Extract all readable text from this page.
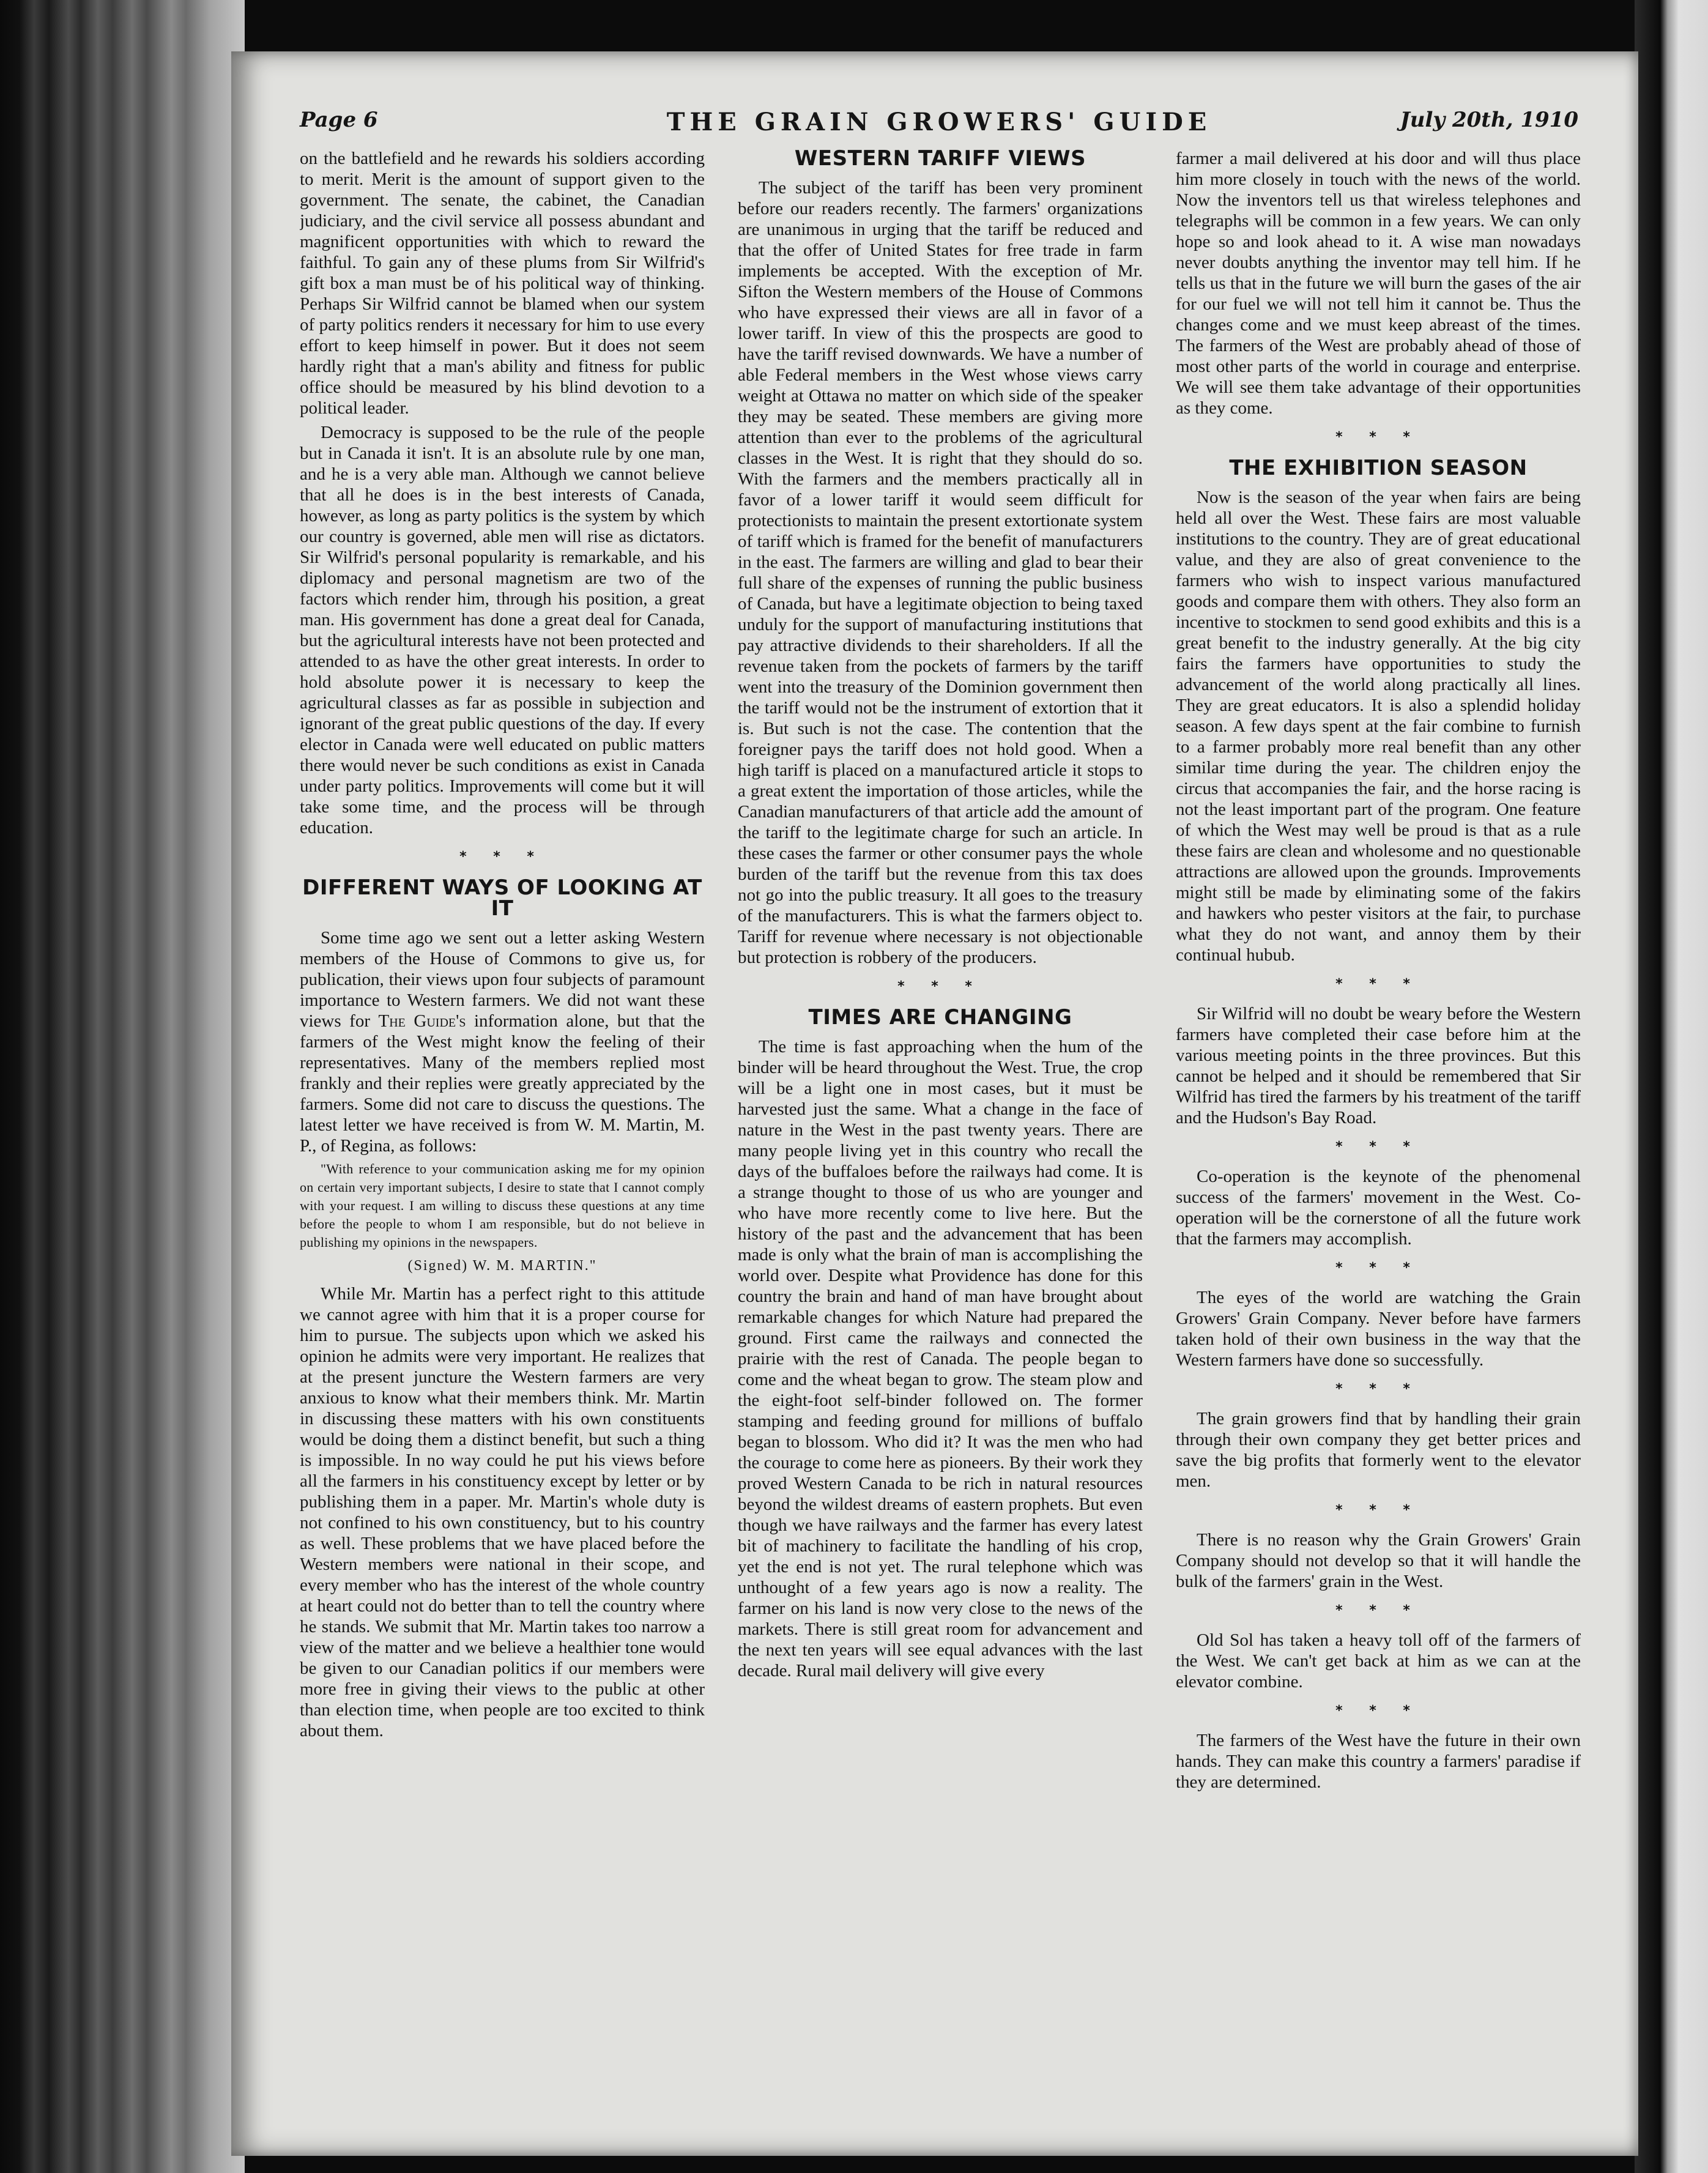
Page 6	THE GRAIN GROWERS' GUIDE	July 20th, 1910

on the battlefield and he rewards his soldiers according to merit. Merit is the amount of support given to the government. The senate, the cabinet, the Canadian judiciary, and the civil service all possess abundant and magnificent opportunities with which to reward the faithful. To gain any of these plums from Sir Wilfrid's gift box a man must be of his political way of thinking. Perhaps Sir Wilfrid cannot be blamed when our system of party politics renders it necessary for him to use every effort to keep himself in power. But it does not seem hardly right that a man's ability and fitness for public office should be measured by his blind devotion to a political leader.

Democracy is supposed to be the rule of the people but in Canada it isn't. It is an absolute rule by one man, and he is a very able man. Although we cannot believe that all he does is in the best interests of Canada, however, as long as party politics is the system by which our country is governed, able men will rise as dictators. Sir Wilfrid's personal popularity is remarkable, and his diplomacy and personal magnetism are two of the factors which render him, through his position, a great man. His government has done a great deal for Canada, but the agricultural interests have not been protected and attended to as have the other great interests. In order to hold absolute power it is necessary to keep the agricultural classes as far as possible in subjection and ignorant of the great public questions of the day. If every elector in Canada were well educated on public matters there would never be such conditions as exist in Canada under party politics. Improvements will come but it will take some time, and the process will be through education.

* * *
DIFFERENT WAYS OF LOOKING AT IT

Some time ago we sent out a letter asking Western members of the House of Commons to give us, for publication, their views upon four subjects of paramount importance to Western farmers. We did not want these views for The Guide's information alone, but that the farmers of the West might know the feeling of their representatives. Many of the members replied most frankly and their replies were greatly appreciated by the farmers. Some did not care to discuss the questions. The latest letter we have received is from W. M. Martin, M. P., of Regina, as follows:

"With reference to your communication asking me for my opinion on certain very important subjects, I desire to state that I cannot comply with your request. I am willing to discuss these questions at any time before the people to whom I am responsible, but do not believe in publishing my opinions in the newspapers.

(Signed) W. M. MARTIN."

While Mr. Martin has a perfect right to this attitude we cannot agree with him that it is a proper course for him to pursue. The subjects upon which we asked his opinion he admits were very important. He realizes that at the present juncture the Western farmers are very anxious to know what their members think. Mr. Martin in discussing these matters with his own constituents would be doing them a distinct benefit, but such a thing is impossible. In no way could he put his views before all the farmers in his constituency except by letter or by publishing them in a paper. Mr. Martin's whole duty is not confined to his own constituency, but to his country as well. These problems that we have placed before the Western members were national in their scope, and every member who has the interest of the whole country at heart could not do better than to tell the country where he stands. We submit that Mr. Martin takes too narrow a view of the matter and we believe a healthier tone would be given to our Canadian politics if our members were more free in giving their views to the public at other than election time, when people are too excited to think about them.

WESTERN TARIFF VIEWS

The subject of the tariff has been very prominent before our readers recently. The farmers' organizations are unanimous in urging that the tariff be reduced and that the offer of United States for free trade in farm implements be accepted. With the exception of Mr. Sifton the Western members of the House of Commons who have expressed their views are all in favor of a lower tariff. In view of this the prospects are good to have the tariff revised downwards. We have a number of able Federal members in the West whose views carry weight at Ottawa no matter on which side of the speaker they may be seated. These members are giving more attention than ever to the problems of the agricultural classes in the West. It is right that they should do so. With the farmers and the members practically all in favor of a lower tariff it would seem difficult for protectionists to maintain the present extortionate system of tariff which is framed for the benefit of manufacturers in the east. The farmers are willing and glad to bear their full share of the expenses of running the public business of Canada, but have a legitimate objection to being taxed unduly for the support of manufacturing institutions that pay attractive dividends to their shareholders. If all the revenue taken from the pockets of farmers by the tariff went into the treasury of the Dominion government then the tariff would not be the instrument of extortion that it is. But such is not the case. The contention that the foreigner pays the tariff does not hold good. When a high tariff is placed on a manufactured article it stops to a great extent the importation of those articles, while the Canadian manufacturers of that article add the amount of the tariff to the legitimate charge for such an article. In these cases the farmer or other consumer pays the whole burden of the tariff but the revenue from this tax does not go into the public treasury. It all goes to the treasury of the manufacturers. This is what the farmers object to. Tariff for revenue where necessary is not objectionable but protection is robbery of the producers.

* * *
TIMES ARE CHANGING

The time is fast approaching when the hum of the binder will be heard throughout the West. True, the crop will be a light one in most cases, but it must be harvested just the same. What a change in the face of nature in the West in the past twenty years. There are many people living yet in this country who recall the days of the buffaloes before the railways had come. It is a strange thought to those of us who are younger and who have more recently come to live here. But the history of the past and the advancement that has been made is only what the brain of man is accomplishing the world over. Despite what Providence has done for this country the brain and hand of man have brought about remarkable changes for which Nature had prepared the ground. First came the railways and connected the prairie with the rest of Canada. The people began to come and the wheat began to grow. The steam plow and the eight-foot self-binder followed on. The former stamping and feeding ground for millions of buffalo began to blossom. Who did it? It was the men who had the courage to come here as pioneers. By their work they proved Western Canada to be rich in natural resources beyond the wildest dreams of eastern prophets. But even though we have railways and the farmer has every latest bit of machinery to facilitate the handling of his crop, yet the end is not yet. The rural telephone which was unthought of a few years ago is now a reality. The farmer on his land is now very close to the news of the markets. There is still great room for advancement and the next ten years will see equal advances with the last decade. Rural mail delivery will give every

farmer a mail delivered at his door and will thus place him more closely in touch with the news of the world. Now the inventors tell us that wireless telephones and telegraphs will be common in a few years. We can only hope so and look ahead to it. A wise man nowadays never doubts anything the inventor may tell him. If he tells us that in the future we will burn the gases of the air for our fuel we will not tell him it cannot be. Thus the changes come and we must keep abreast of the times. The farmers of the West are probably ahead of those of most other parts of the world in courage and enterprise. We will see them take advantage of their opportunities as they come.

* * *
THE EXHIBITION SEASON

Now is the season of the year when fairs are being held all over the West. These fairs are most valuable institutions to the country. They are of great educational value, and they are also of great convenience to the farmers who wish to inspect various manufactured goods and compare them with others. They also form an incentive to stockmen to send good exhibits and this is a great benefit to the industry generally. At the big city fairs the farmers have opportunities to study the advancement of the world along practically all lines. They are great educators. It is also a splendid holiday season. A few days spent at the fair combine to furnish to a farmer probably more real benefit than any other similar time during the year. The children enjoy the circus that accompanies the fair, and the horse racing is not the least important part of the program. One feature of which the West may well be proud is that as a rule these fairs are clean and wholesome and no questionable attractions are allowed upon the grounds. Improvements might still be made by eliminating some of the fakirs and hawkers who pester visitors at the fair, to purchase what they do not want, and annoy them by their continual hubub.

* * *

Sir Wilfrid will no doubt be weary before the Western farmers have completed their case before him at the various meeting points in the three provinces. But this cannot be helped and it should be remembered that Sir Wilfrid has tired the farmers by his treatment of the tariff and the Hudson's Bay Road.

* * *

Co-operation is the keynote of the phenomenal success of the farmers' movement in the West. Co-operation will be the cornerstone of all the future work that the farmers may accomplish.

* * *

The eyes of the world are watching the Grain Growers' Grain Company. Never before have farmers taken hold of their own business in the way that the Western farmers have done so successfully.

* * *

The grain growers find that by handling their grain through their own company they get better prices and save the big profits that formerly went to the elevator men.

* * *

There is no reason why the Grain Growers' Grain Company should not develop so that it will handle the bulk of the farmers' grain in the West.

* * *

Old Sol has taken a heavy toll off of the farmers of the West. We can't get back at him as we can at the elevator combine.

* * *

The farmers of the West have the future in their own hands. They can make this country a farmers' paradise if they are determined.
